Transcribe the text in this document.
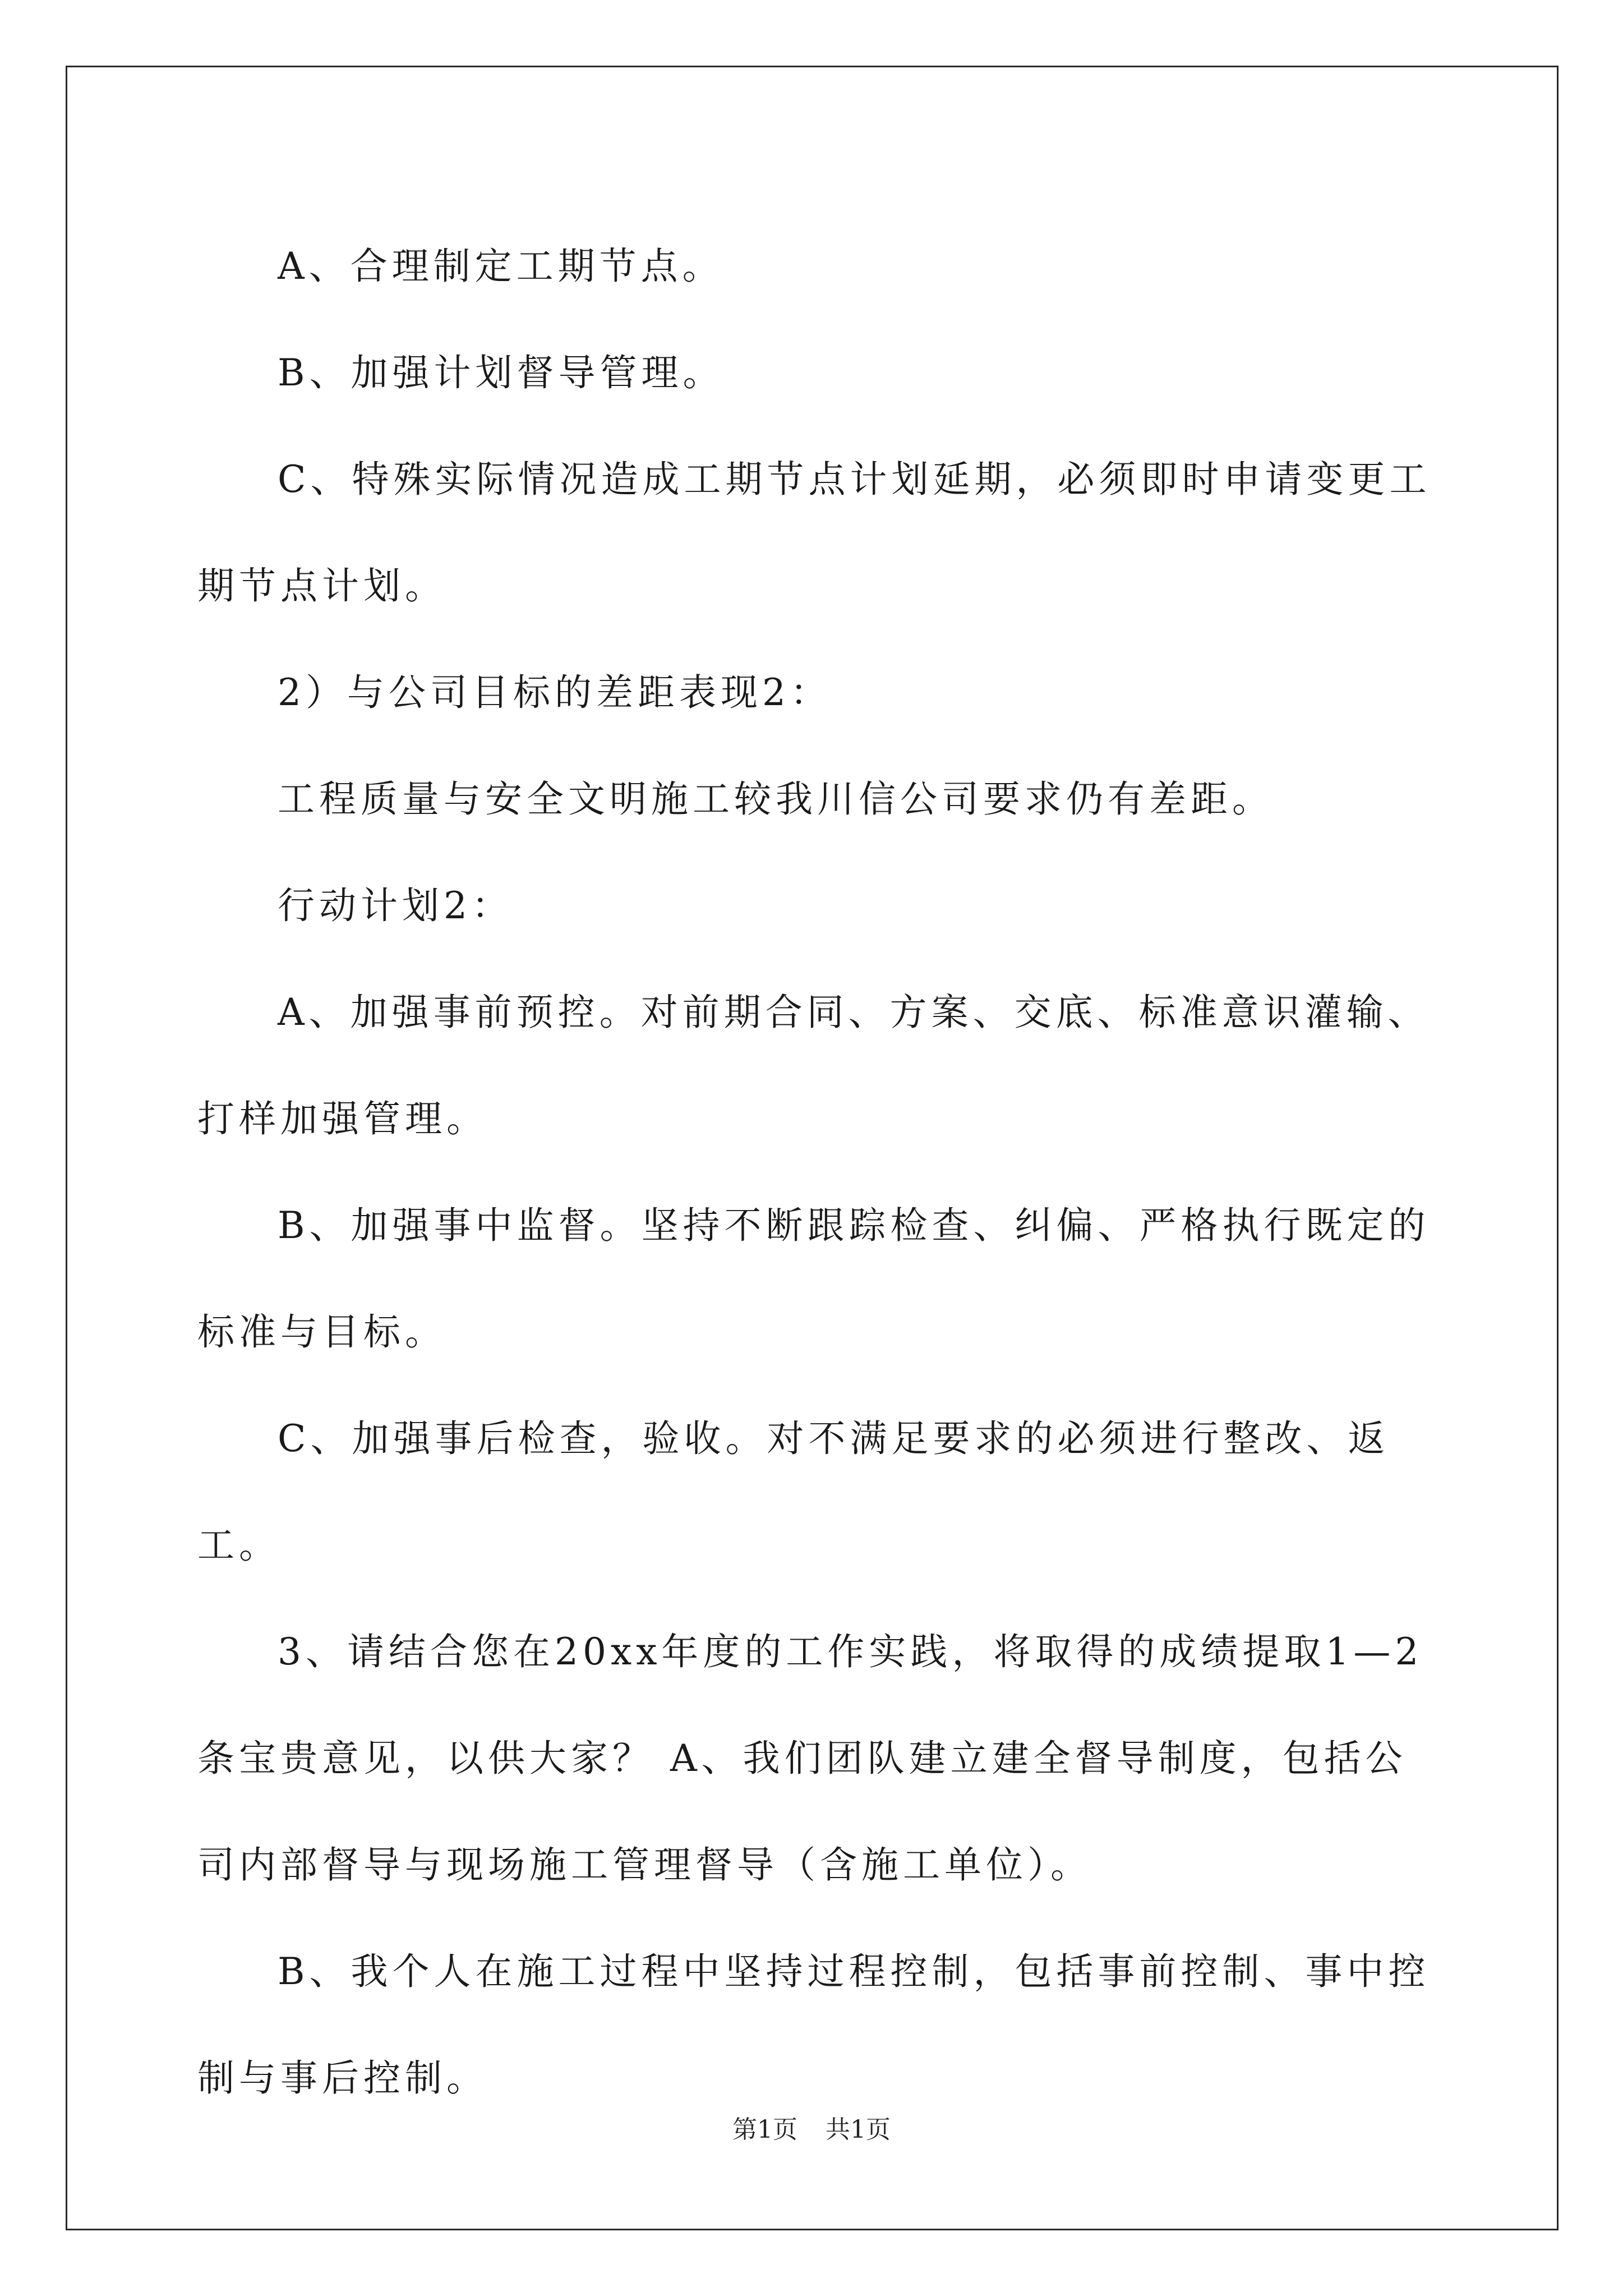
A、合理制定工期节点。

B、加强计划督导管理。

C、特殊实际情况造成工期节点计划延期，必须即时申请变更工期节点计划。

2）与公司目标的差距表现2：

工程质量与安全文明施工较我川信公司要求仍有差距。

行动计划2：

A、加强事前预控。对前期合同、方案、交底、标准意识灌输、打样加强管理。

B、加强事中监督。坚持不断跟踪检查、纠偏、严格执行既定的标准与目标。

C、加强事后检查，验收。对不满足要求的必须进行整改、返工。

3、请结合您在20xx年度的工作实践，将取得的成绩提取1—2条宝贵意见，以供大家？ A、我们团队建立建全督导制度，包括公司内部督导与现场施工管理督导（含施工单位）。

B、我个人在施工过程中坚持过程控制，包括事前控制、事中控制与事后控制。

第1页 共1页
